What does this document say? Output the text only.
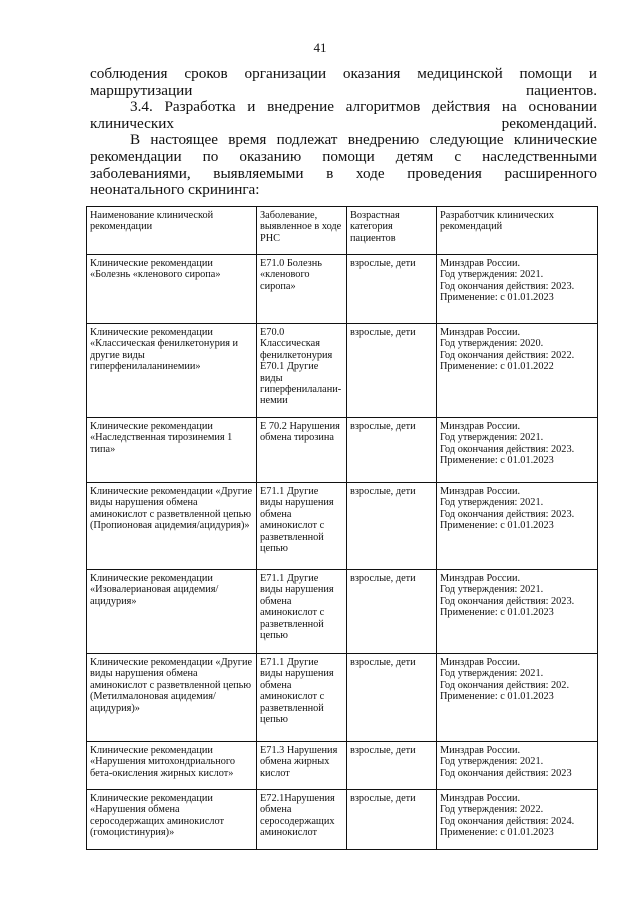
41

соблюдения сроков организации оказания медицинской помощи и маршрутизации пациентов.

3.4. Разработка и внедрение алгоритмов действия на основании клинических рекомендаций.

В настоящее время подлежат внедрению следующие клинические рекомендации по оказанию помощи детям с наследственными заболеваниями, выявляемыми в ходе проведения расширенного неонатального скрининга:

Наименование клинической рекомендации	Заболевание, выявленное в ходе РНС	Возрастная категория пациентов	Разработчик клинических рекомендаций

Клинические рекомендации «Болезнь «кленового сиропа»	E71.0 Болезнь «кленового сиропа»	взрослые, дети	Минздрав России.
Год утверждения: 2021.
Год окончания действия: 2023.
Применение: с 01.01.2023

Клинические рекомендации «Классическая фенилкетонурия и другие виды гиперфенилаланинемии»	E70.0 Классическая фенилкетонурия E70.1 Другие виды гиперфенилалани-немии	взрослые, дети	Минздрав России.
Год утверждения: 2020.
Год окончания действия: 2022.
Применение: с 01.01.2022

Клинические рекомендации «Наследственная тирозинемия 1 типа»	E 70.2 Нарушения обмена тирозина	взрослые, дети	Минздрав России.
Год утверждения: 2021.
Год окончания действия: 2023.
Применение: с 01.01.2023

Клинические рекомендации «Другие виды нарушения обмена аминокислот с разветвленной цепью (Пропионовая ацидемия/ацидурия)»	E71.1 Другие виды нарушения обмена аминокислот с разветвленной цепью	взрослые, дети	Минздрав России.
Год утверждения: 2021.
Год окончания действия: 2023.
Применение: с 01.01.2023

Клинические рекомендации «Изовалериановая ацидемия/ацидурия»	E71.1 Другие виды нарушения обмена аминокислот с разветвленной цепью	взрослые, дети	Минздрав России.
Год утверждения: 2021.
Год окончания действия: 2023.
Применение: с 01.01.2023

Клинические рекомендации «Другие виды нарушения обмена аминокислот с разветвленной цепью (Метилмалоновая ацидемия/ацидурия)»	E71.1 Другие виды нарушения обмена аминокислот с разветвленной цепью	взрослые, дети	Минздрав России.
Год утверждения: 2021.
Год окончания действия: 202.
Применение: с 01.01.2023

Клинические рекомендации «Нарушения митохондриального бета-окисления жирных кислот»	E71.3 Нарушения обмена жирных кислот	взрослые, дети	Минздрав России.
Год утверждения: 2021.
Год окончания действия: 2023

Клинические рекомендации «Нарушения обмена серосодержащих аминокислот (гомоцистинурия)»	E72.1Нарушения обмена серосодержащих аминокислот	взрослые, дети	Минздрав России.
Год утверждения: 2022.
Год окончания действия: 2024.
Применение: с 01.01.2023
